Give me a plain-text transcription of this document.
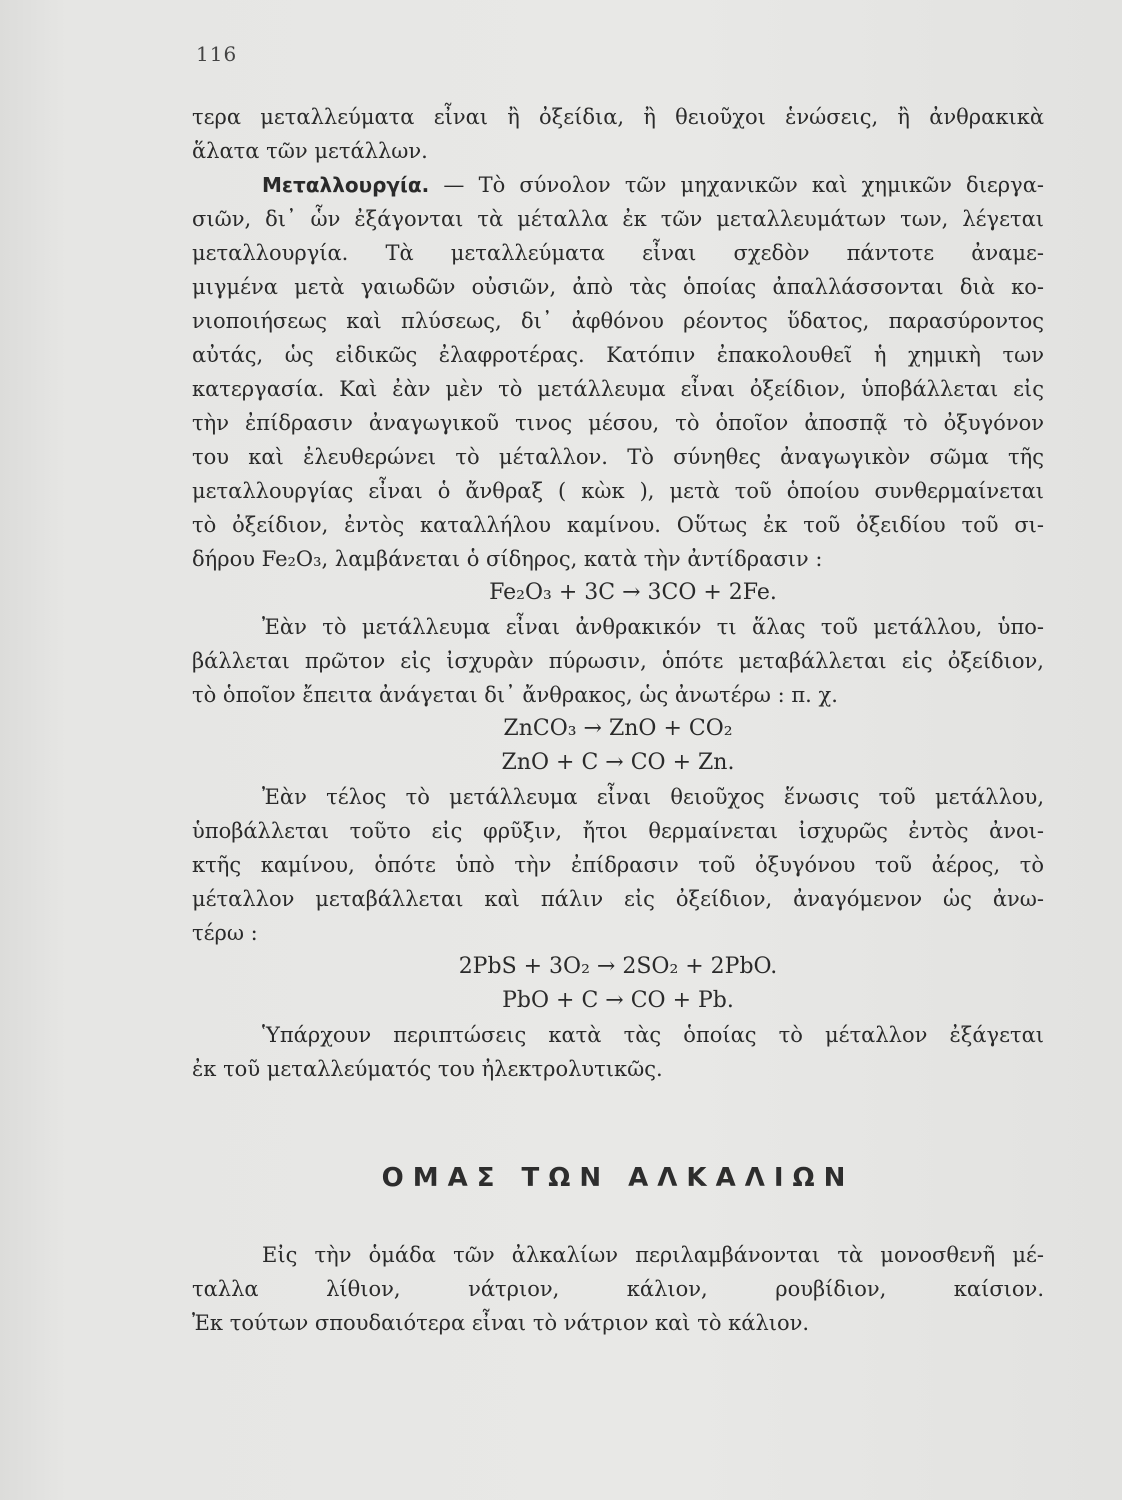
116
τερα μεταλλεύματα εἶναι ἢ ὀξείδια, ἢ θειοῦχοι ἑνώσεις, ἢ ἀνθρακικὰ
ἅλατα τῶν μετάλλων.
Μεταλλουργία. — Τὸ σύνολον τῶν μηχανικῶν καὶ χημικῶν διεργα-
σιῶν, δι᾿ ὧν ἐξάγονται τὰ μέταλλα ἐκ τῶν μεταλλευμάτων των, λέγεται
μεταλλουργία. Τὰ μεταλλεύματα εἶναι σχεδὸν πάντοτε ἀναμε-
μιγμένα μετὰ γαιωδῶν οὐσιῶν, ἀπὸ τὰς ὁποίας ἀπαλλάσσονται διὰ κο-
νιοποιήσεως καὶ πλύσεως, δι᾿ ἀφθόνου ρέοντος ὕδατος, παρασύροντος
αὐτάς, ὡς εἰδικῶς ἐλαφροτέρας. Κατόπιν ἐπακολουθεῖ ἡ χημικὴ των
κατεργασία. Καὶ ἐὰν μὲν τὸ μετάλλευμα εἶναι ὀξείδιον, ὑποβάλλεται εἰς
τὴν ἐπίδρασιν ἀναγωγικοῦ τινος μέσου, τὸ ὁποῖον ἀποσπᾷ τὸ ὀξυγόνον
του καὶ ἐλευθερώνει τὸ μέταλλον. Τὸ σύνηθες ἀναγωγικὸν σῶμα τῆς
μεταλλουργίας εἶναι ὁ ἄνθραξ ( κὼκ ), μετὰ τοῦ ὁποίου συνθερμαίνεται
τὸ ὀξείδιον, ἐντὸς καταλλήλου καμίνου. Οὕτως ἐκ τοῦ ὀξειδίου τοῦ σι-
δήρου Fe₂O₃, λαμβάνεται ὁ σίδηρος, κατὰ τὴν ἀντίδρασιν :
Fe₂O₃ + 3C → 3CO + 2Fe.
Ἐὰν τὸ μετάλλευμα εἶναι ἀνθρακικόν τι ἅλας τοῦ μετάλλου, ὑπο-
βάλλεται πρῶτον εἰς ἰσχυρὰν πύρωσιν, ὁπότε μεταβάλλεται εἰς ὀξείδιον,
τὸ ὁποῖον ἔπειτα ἀνάγεται δι᾿ ἄνθρακος, ὡς ἀνωτέρω : π. χ.
ZnCO₃ → ZnO + CO₂
ZnO + C → CO + Zn.
Ἐὰν τέλος τὸ μετάλλευμα εἶναι θειοῦχος ἕνωσις τοῦ μετάλλου,
ὑποβάλλεται τοῦτο εἰς φρῦξιν, ἤτοι θερμαίνεται ἰσχυρῶς ἐντὸς ἀνοι-
κτῆς καμίνου, ὁπότε ὑπὸ τὴν ἐπίδρασιν τοῦ ὀξυγόνου τοῦ ἀέρος, τὸ
μέταλλον μεταβάλλεται καὶ πάλιν εἰς ὀξείδιον, ἀναγόμενον ὡς ἀνω-
τέρω :
2PbS + 3O₂ → 2SO₂ + 2PbO.
PbO + C → CO + Pb.
Ὑπάρχουν περιπτώσεις κατὰ τὰς ὁποίας τὸ μέταλλον ἐξάγεται
ἐκ τοῦ μεταλλεύματός του ἠλεκτρολυτικῶς.
ΟΜΑΣ ΤΩΝ ΑΛΚΑΛΙΩΝ
Εἰς τὴν ὁμάδα τῶν ἀλκαλίων περιλαμβάνονται τὰ μονοσθενῆ μέ-
ταλλα λίθιον, νάτριον, κάλιον, ρουβίδιον, καίσιον.
Ἐκ τούτων σπουδαιότερα εἶναι τὸ νάτριον καὶ τὸ κάλιον.
